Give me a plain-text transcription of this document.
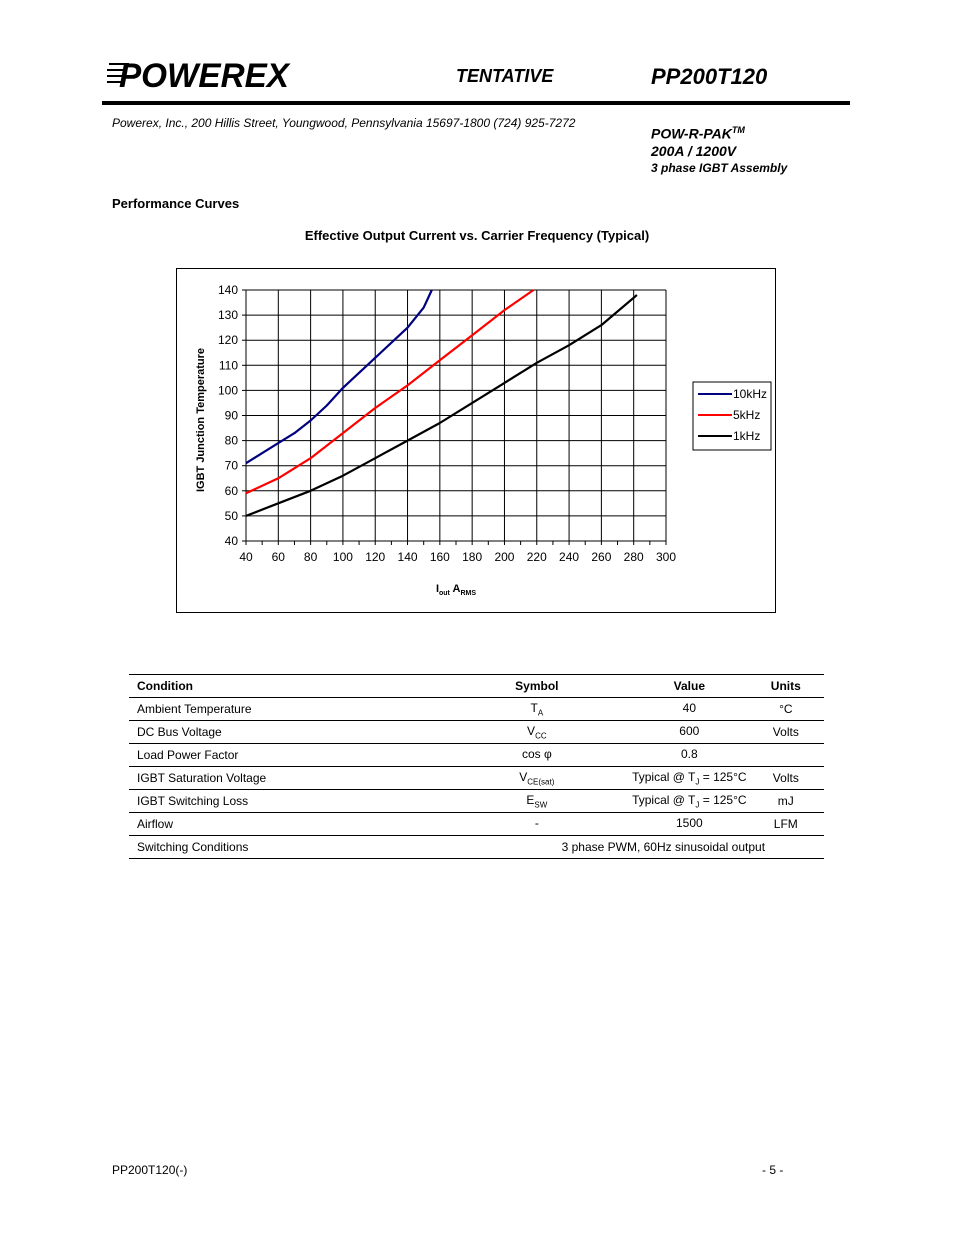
POWEREX	TENTATIVE	PP200T120
Powerex, Inc., 200 Hillis Street, Youngwood, Pennsylvania 15697-1800 (724) 925-7272
POW-R-PAK™
200A / 1200V
3 phase IGBT Assembly
Performance Curves
Effective Output Current vs. Carrier Frequency (Typical)
40
50
60
70
80
90
100
110
120
130
140
40 60 80 100 120 140 160 180 200 220 240 260 280 300
IGBT Junction Temperature
$I_{out}$ $A_{RMS}$
10kHz
5kHz
1kHz
Condition	Symbol	Value	Units
Ambient Temperature	$T_A$	40	°C
DC Bus Voltage	$V_{CC}$	600	Volts
Load Power Factor	cos φ	0.8	
IGBT Saturation Voltage	$V_{CE(sat)}$	Typical @ $T_J = 125^\circ C$	Volts
IGBT Switching Loss	$E_{SW}$	Typical @ $T_J = 125^\circ C$	mJ
Airflow	-	1500	LFM
Switching Conditions	3 phase PWM, 60Hz sinusoidal output		
PP200T120(-)	- 5 -
